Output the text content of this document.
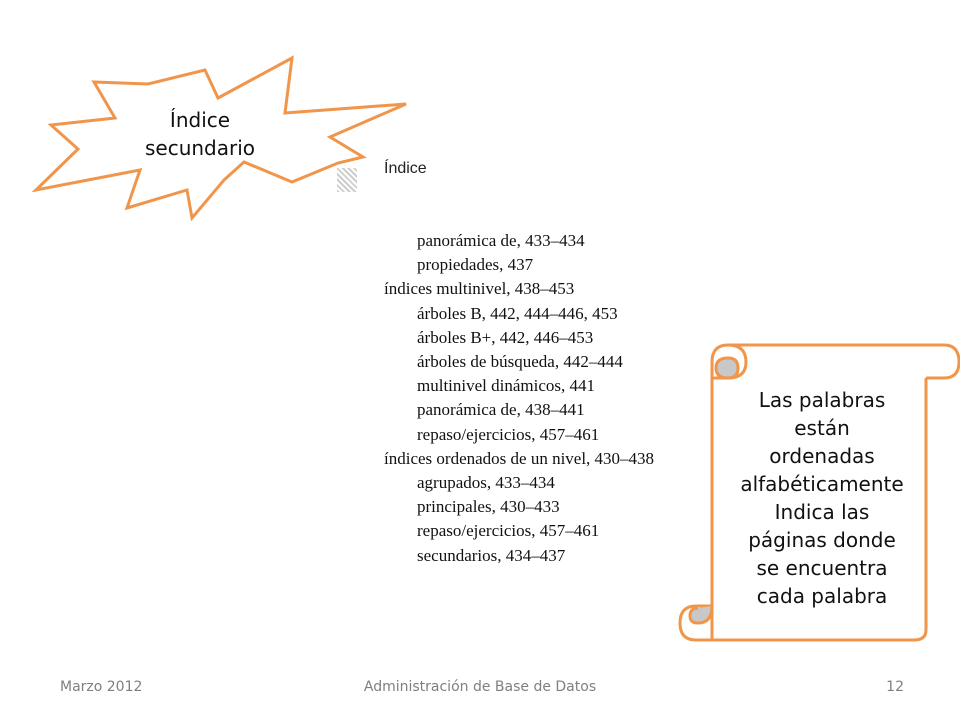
Índice
secundario
Índice
panorámica de, 433–434
propiedades, 437
índices multinivel, 438–453
árboles B, 442, 444–446, 453
árboles B+, 442, 446–453
árboles de búsqueda, 442–444
multinivel dinámicos, 441
panorámica de, 438–441
repaso/ejercicios, 457–461
índices ordenados de un nivel, 430–438
agrupados, 433–434
principales, 430–433
repaso/ejercicios, 457–461
secundarios, 434–437
Las palabras
están
ordenadas
alfabéticamente
Indica las
páginas donde
se encuentra
cada palabra
Marzo 2012	Administración de Base de Datos	12
